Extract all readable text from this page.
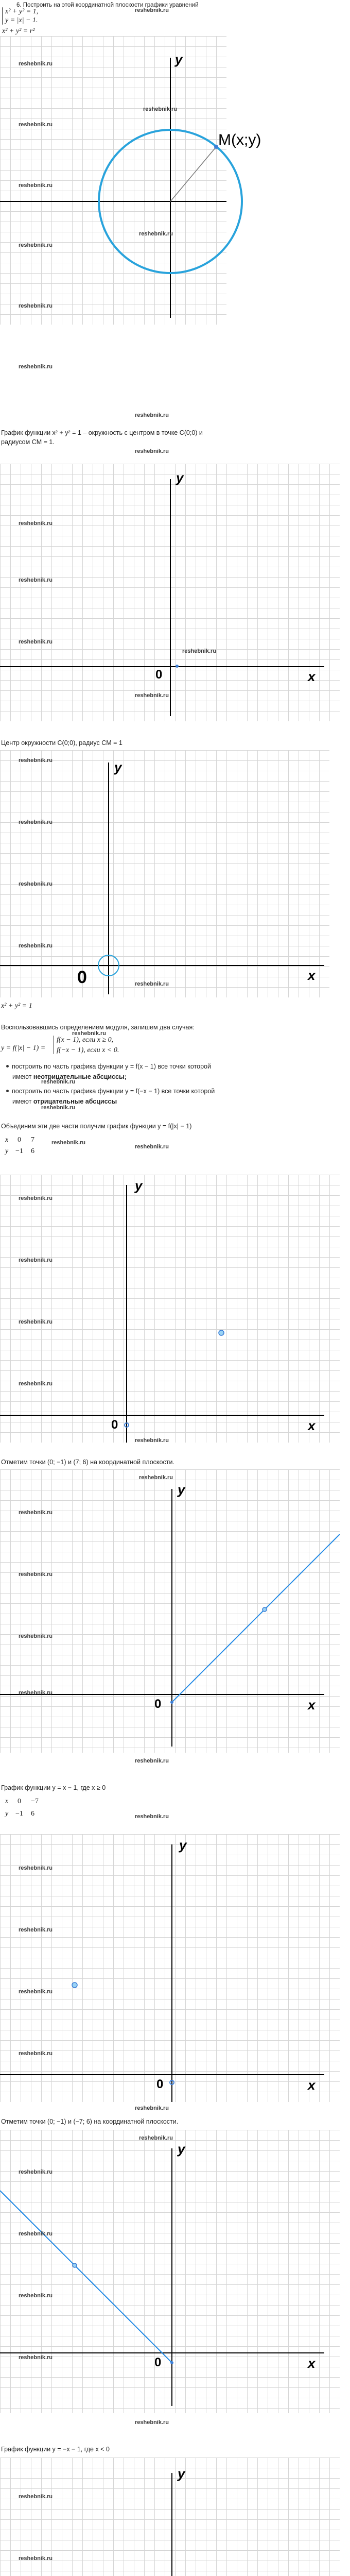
6. Построить на этой координатной плоскости графики уравнений
x² + y² = 1,
y = |x| − 1.
x² + y² = r²
y
M(x;y)
График функции x² + y² = 1 – окружность с центром в точке C(0;0) и
радиусом CM = 1.
y
x
0
Центр окружности C(0;0), радиус CM = 1
y
x
0
x² + y² = 1
Воспользовавшись определением модуля, запишем два случая:
y = f(|x| − 1) =
f(x − 1), если x ≥ 0,
f(−x − 1), если x < 0.
построить по часть графика функции y = f(x − 1) все точки которой
имеют неотрицательные абсциссы;
построить по часть графика функции y = f(−x − 1) все точки которой
имеют отрицательные абсциссы
Объединим эти две части получим график функции y = f(|x| − 1)
x 0 7
y −1 6
y
x
0
Отметим точки (0; −1) и (7; 6) на координатной плоскости.
y
x
0
График функции y = x − 1, где x ≥ 0
x 0 −7
y −1 6
y
x
0
Отметим точки (0; −1) и (−7; 6) на координатной плоскости.
y
x
0
График функции y = −x − 1, где x < 0
y
reshebnik.ru
reshebnik.ru
reshebnik.ru
reshebnik.ru
reshebnik.ru
reshebnik.ru
reshebnik.ru
reshebnik.ru
reshebnik.ru
reshebnik.ru
reshebnik.ru
reshebnik.ru
reshebnik.ru
reshebnik.ru
reshebnik.ru
reshebnik.ru
reshebnik.ru
reshebnik.ru
reshebnik.ru
reshebnik.ru
reshebnik.ru
reshebnik.ru
reshebnik.ru
reshebnik.ru
reshebnik.ru
reshebnik.ru
reshebnik.ru
reshebnik.ru
reshebnik.ru
reshebnik.ru
reshebnik.ru
reshebnik.ru
reshebnik.ru
reshebnik.ru
reshebnik.ru
reshebnik.ru
reshebnik.ru
reshebnik.ru
reshebnik.ru
reshebnik.ru
reshebnik.ru
reshebnik.ru
reshebnik.ru
reshebnik.ru
reshebnik.ru
reshebnik.ru
reshebnik.ru
reshebnik.ru
reshebnik.ru
reshebnik.ru
reshebnik.ru
